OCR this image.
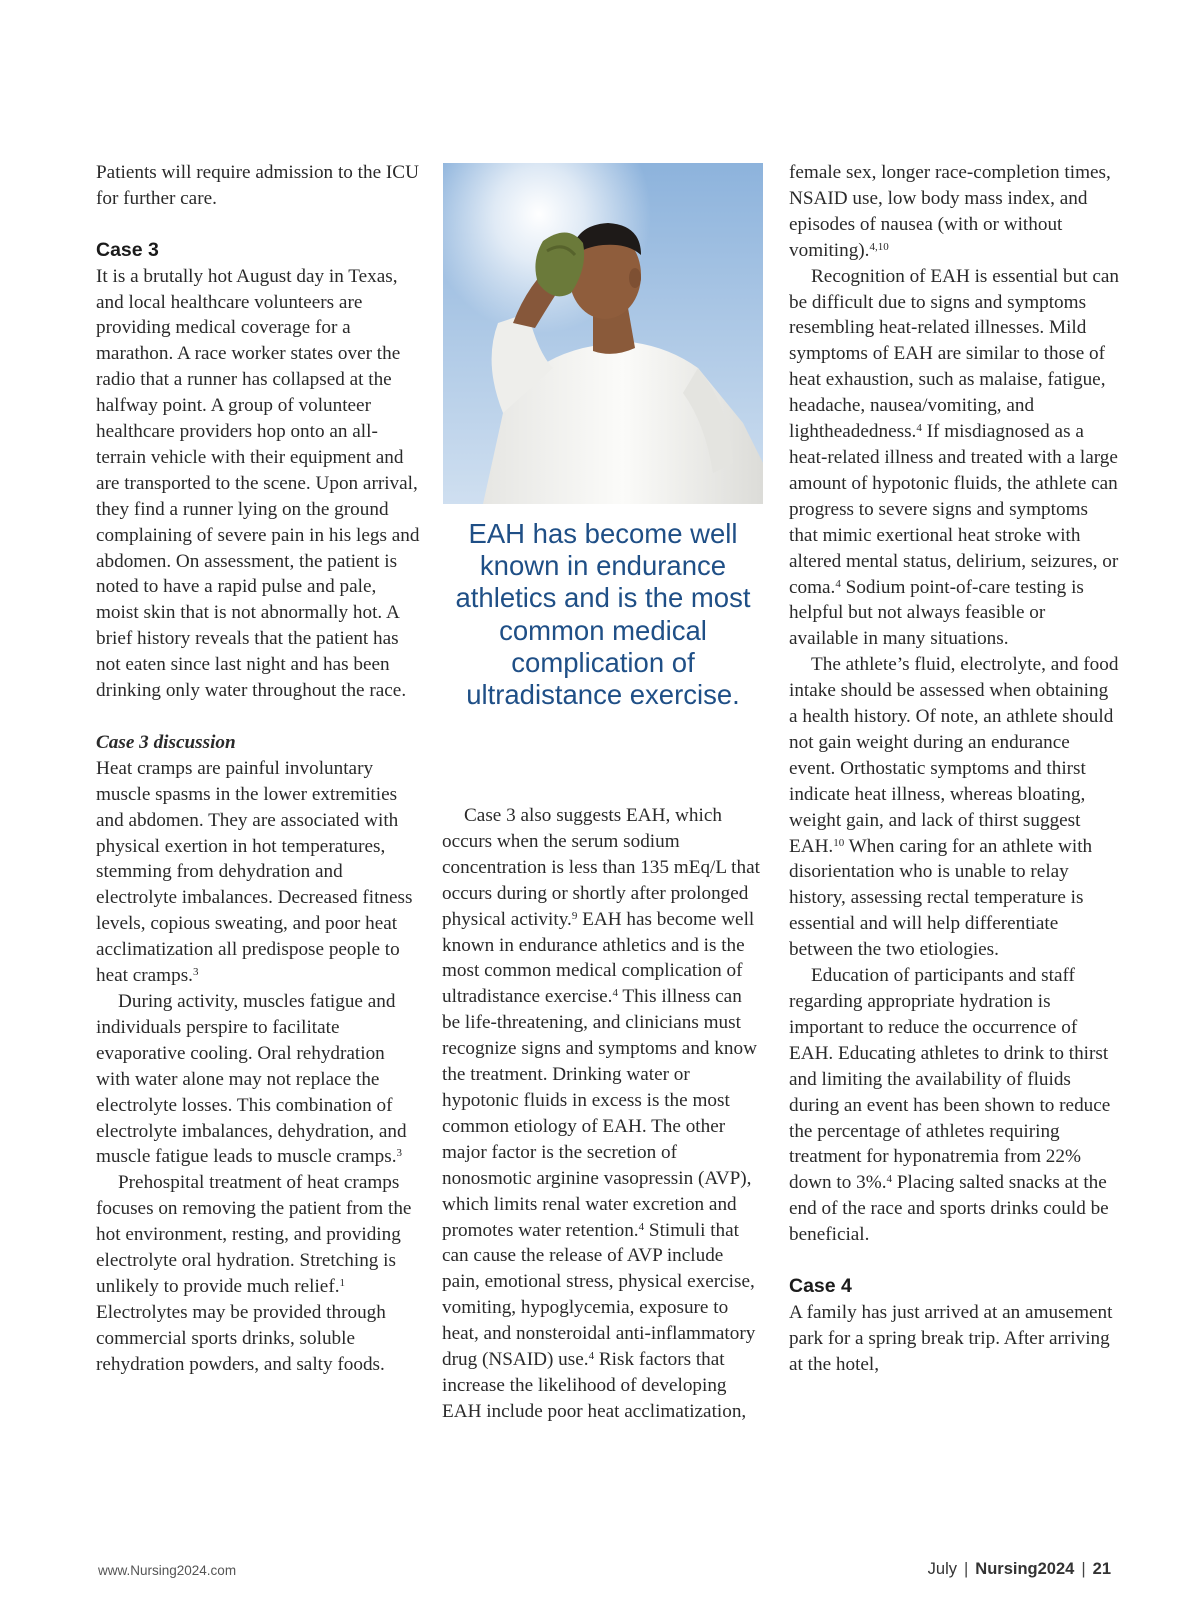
Patients will require admission to the ICU for further care.

Case 3

It is a brutally hot August day in Texas, and local healthcare volunteers are providing medical coverage for a marathon. A race worker states over the radio that a runner has collapsed at the halfway point. A group of volunteer healthcare providers hop onto an all-terrain vehicle with their equipment and are transported to the scene. Upon arrival, they find a runner lying on the ground complaining of severe pain in his legs and abdomen. On assessment, the patient is noted to have a rapid pulse and pale, moist skin that is not abnormally hot. A brief history reveals that the patient has not eaten since last night and has been drinking only water throughout the race.

Case 3 discussion

Heat cramps are painful involuntary muscle spasms in the lower extremities and abdomen. They are associated with physical exertion in hot temperatures, stemming from dehydration and electrolyte imbalances. Decreased fitness levels, copious sweating, and poor heat acclimatization all predispose people to heat cramps.$^3$

During activity, muscles fatigue and individuals perspire to facilitate evaporative cooling. Oral rehydration with water alone may not replace the electrolyte losses. This combination of electrolyte imbalances, dehydration, and muscle fatigue leads to muscle cramps.$^3$

Prehospital treatment of heat cramps focuses on removing the patient from the hot environment, resting, and providing electrolyte oral hydration. Stretching is unlikely to provide much relief.$^1$ Electrolytes may be provided through commercial sports drinks, soluble rehydration powders, and salty foods.

EAH has become well known in endurance athletics and is the most common medical complication of ultradistance exercise.

Case 3 also suggests EAH, which occurs when the serum sodium concentration is less than 135 mEq/L that occurs during or shortly after prolonged physical activity.$^9$ EAH has become well known in endurance athletics and is the most common medical complication of ultradistance exercise.$^4$ This illness can be life-threatening, and clinicians must recognize signs and symptoms and know the treatment. Drinking water or hypotonic fluids in excess is the most common etiology of EAH. The other major factor is the secretion of nonosmotic arginine vasopressin (AVP), which limits renal water excretion and promotes water retention.$^4$ Stimuli that can cause the release of AVP include pain, emotional stress, physical exercise, vomiting, hypoglycemia, exposure to heat, and nonsteroidal anti-inflammatory drug (NSAID) use.$^4$ Risk factors that increase the likelihood of developing EAH include poor heat acclimatization,

female sex, longer race-completion times, NSAID use, low body mass index, and episodes of nausea (with or without vomiting).$^{4,10}$

Recognition of EAH is essential but can be difficult due to signs and symptoms resembling heat-related illnesses. Mild symptoms of EAH are similar to those of heat exhaustion, such as malaise, fatigue, headache, nausea/vomiting, and lightheadedness.$^4$ If misdiagnosed as a heat-related illness and treated with a large amount of hypotonic fluids, the athlete can progress to severe signs and symptoms that mimic exertional heat stroke with altered mental status, delirium, seizures, or coma.$^4$ Sodium point-of-care testing is helpful but not always feasible or available in many situations.

The athlete’s fluid, electrolyte, and food intake should be assessed when obtaining a health history. Of note, an athlete should not gain weight during an endurance event. Orthostatic symptoms and thirst indicate heat illness, whereas bloating, weight gain, and lack of thirst suggest EAH.$^{10}$ When caring for an athlete with disorientation who is unable to relay history, assessing rectal temperature is essential and will help differentiate between the two etiologies.

Education of participants and staff regarding appropriate hydration is important to reduce the occurrence of EAH. Educating athletes to drink to thirst and limiting the availability of fluids during an event has been shown to reduce the percentage of athletes requiring treatment for hyponatremia from 22% down to 3%.$^4$ Placing salted snacks at the end of the race and sports drinks could be beneficial.

Case 4

A family has just arrived at an amusement park for a spring break trip. After arriving at the hotel,

www.Nursing2024.com	July | Nursing2024 | 21
